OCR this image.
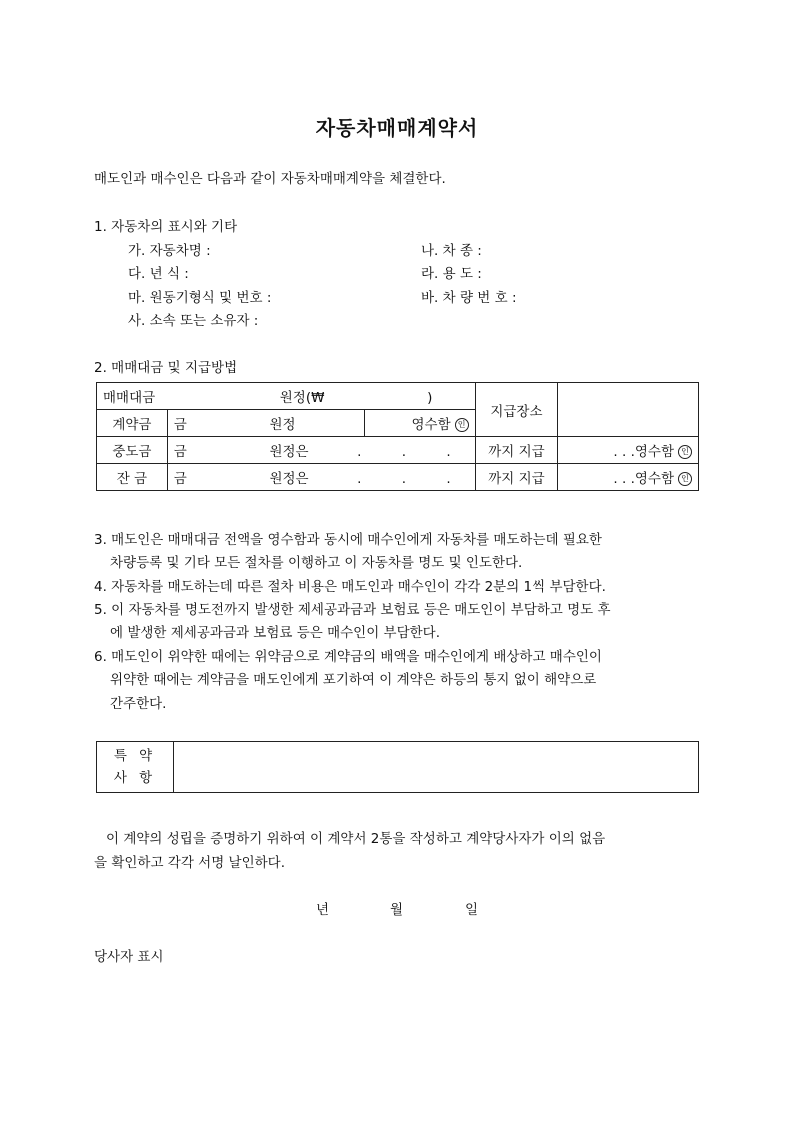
자동차매매계약서
매도인과 매수인은 다음과 같이 자동차매매계약을 체결한다.
1. 자동차의 표시와 기타
가. 자동차명 :	나. 차 종 :
다. 년 식 :	라. 용 도 :
마. 원동기형식 및 번호 :	바. 차 량 번 호 :
사. 소속 또는 소유자 :
2. 매매대금 및 지급방법
매매대금 원정(₩ )			지급장소	
계약금	금 원정	영수함 인		
중도금	금 원정은 . . .		까지 지급	. . .영수함 인
잔 금	금 원정은 . . .		까지 지급	. . .영수함 인
3. 매도인은 매매대금 전액을 영수함과 동시에 매수인에게 자동차를 매도하는데 필요한
차량등록 및 기타 모든 절차를 이행하고 이 자동차를 명도 및 인도한다.
4. 자동차를 매도하는데 따른 절차 비용은 매도인과 매수인이 각각 2분의 1씩 부담한다.
5. 이 자동차를 명도전까지 발생한 제세공과금과 보험료 등은 매도인이 부담하고 명도 후
에 발생한 제세공과금과 보험료 등은 매수인이 부담한다.
6. 매도인이 위약한 때에는 위약금으로 계약금의 배액을 매수인에게 배상하고 매수인이
위약한 때에는 계약금을 매도인에게 포기하여 이 계약은 하등의 통지 없이 해약으로
간주한다.
특 약
사 항

이 계약의 성립을 증명하기 위하여 이 계약서 2통을 작성하고 계약당사자가 이의 없음
을 확인하고 각각 서명 날인하다.
년	월	일
당사자 표시
